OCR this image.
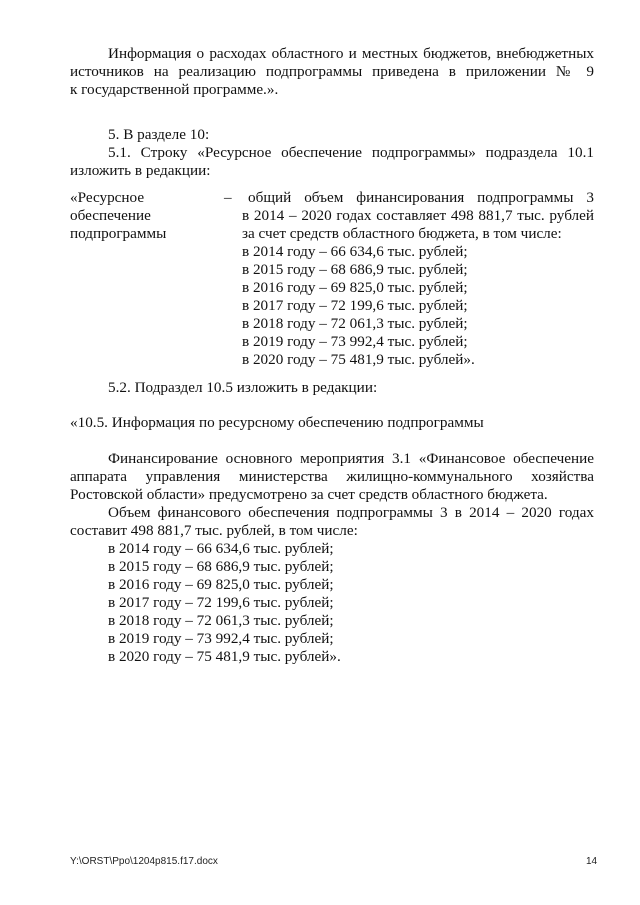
Информация о расходах областного и местных бюджетов, внебюджетных
источников на реализацию подпрограммы приведена в приложении № 9
к государственной программе.».
5. В разделе 10:
5.1. Строку «Ресурсное обеспечение подпрограммы» подраздела 10.1
изложить в редакции:
«Ресурсное
обеспечение
подпрограммы
–	общий объем финансирования подпрограммы 3
в 2014 – 2020 годах составляет 498 881,7 тыс. рублей
за счет средств областного бюджета, в том числе:
в 2014 году – 66 634,6 тыс. рублей;
в 2015 году – 68 686,9 тыс. рублей;
в 2016 году – 69 825,0 тыс. рублей;
в 2017 году – 72 199,6 тыс. рублей;
в 2018 году – 72 061,3 тыс. рублей;
в 2019 году – 73 992,4 тыс. рублей;
в 2020 году – 75 481,9 тыс. рублей».
5.2. Подраздел 10.5 изложить в редакции:
«10.5. Информация по ресурсному обеспечению подпрограммы
Финансирование основного мероприятия 3.1 «Финансовое обеспечение
аппарата управления министерства жилищно-коммунального хозяйства
Ростовской области» предусмотрено за счет средств областного бюджета.
Объем финансового обеспечения подпрограммы 3 в 2014 – 2020 годах
составит 498 881,7 тыс. рублей, в том числе:
в 2014 году – 66 634,6 тыс. рублей;
в 2015 году – 68 686,9 тыс. рублей;
в 2016 году – 69 825,0 тыс. рублей;
в 2017 году – 72 199,6 тыс. рублей;
в 2018 году – 72 061,3 тыс. рублей;
в 2019 году – 73 992,4 тыс. рублей;
в 2020 году – 75 481,9 тыс. рублей».
Y:\ORST\Ppo\1204p815.f17.docx	14
